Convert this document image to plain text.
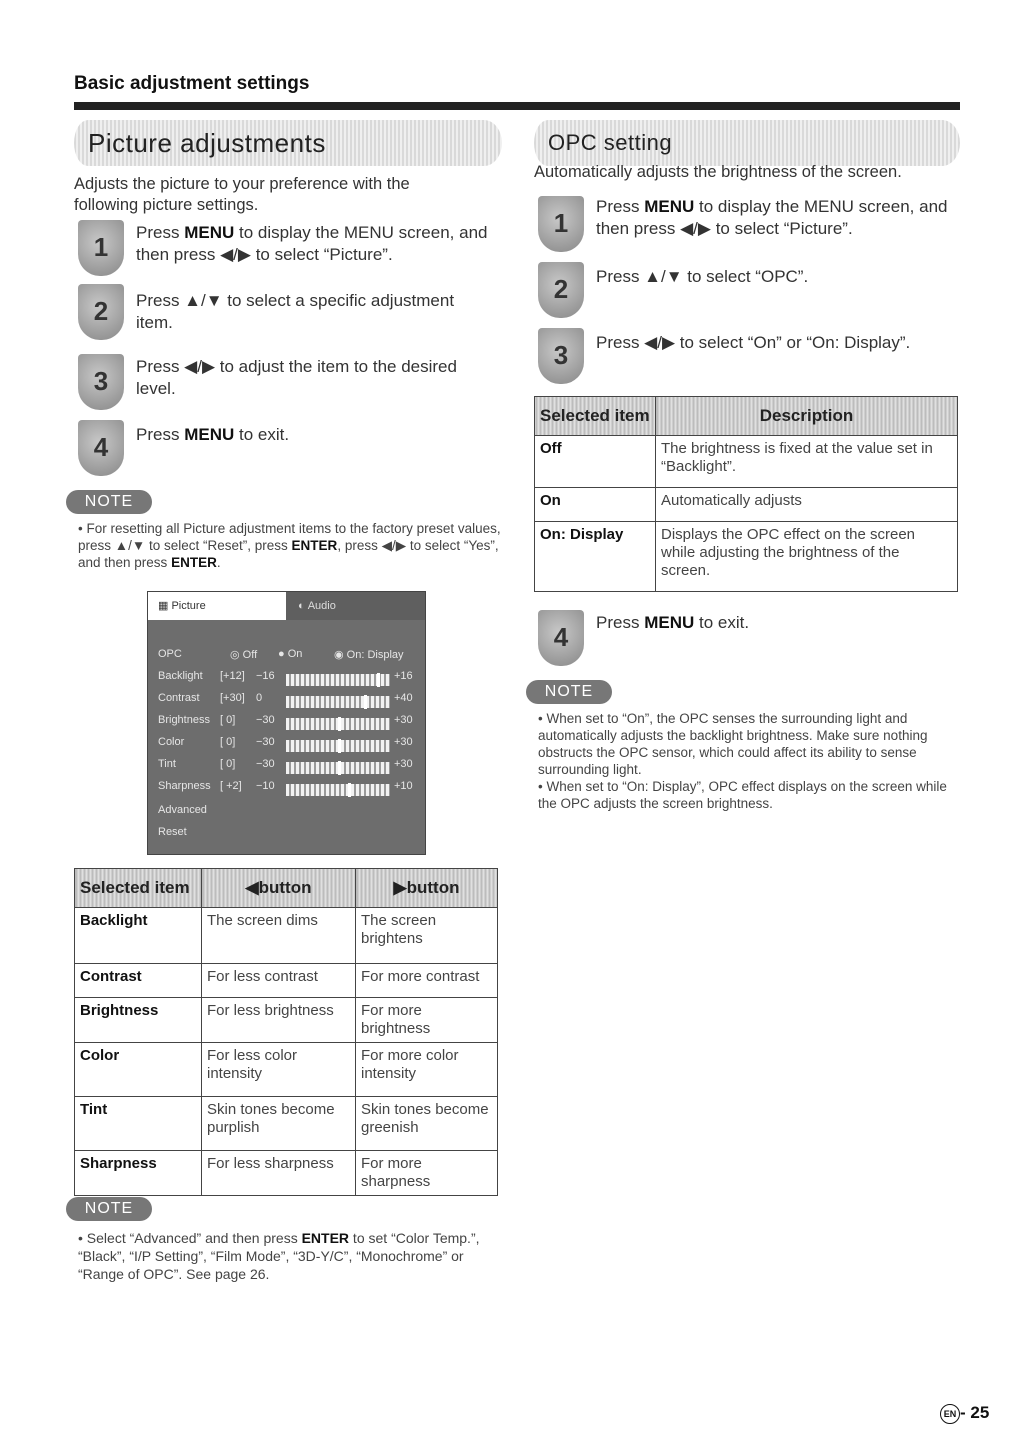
Basic adjustment settings
Picture adjustments
Adjusts the picture to your preference with the following picture settings.
1	Press MENU to display the MENU screen, and then press ◀/▶ to select “Picture”.
2	Press ▲/▼ to select a specific adjustment item.
3	Press ◀/▶ to adjust the item to the desired level.
4	Press MENU to exit.
NOTE
• For resetting all Picture adjustment items to the factory preset values, press ▲/▼ to select “Reset”, press ENTER, press ◀/▶ to select “Yes”, and then press ENTER.
▦ Picture	◐ Audio
OPC	◎ Off ● On	◉ On: Display
Backlight [+12] −16	+16
Contrast [+30] 0	+40
Brightness [ 0] −30	+30
Color	[ 0] −30	+30
Tint	[ 0] −30	+30
Sharpness [ +2] −10	+10
Advanced
Reset
Selected item	◀button	▶button
Backlight	The screen dims	The screen brightens
Contrast	For less contrast	For more contrast
Brightness	For less brightness	For more brightness
Color	For less color intensity	For more color intensity
Tint	Skin tones become purplish	Skin tones become greenish
Sharpness	For less sharpness	For more sharpness
NOTE
• Select “Advanced” and then press ENTER to set “Color Temp.”, “Black”, “I/P Setting”, “Film Mode”, “3D-Y/C”, “Monochrome” or “Range of OPC”. See page 26.
OPC setting
Automatically adjusts the brightness of the screen.
1
Press MENU to display the MENU screen, and then press ◀/▶ to select “Picture”.
2	Press ▲/▼ to select “OPC”.
3	Press ◀/▶ to select “On” or “On: Display”.
Selected item	Description
Off	The brightness is fixed at the value set in “Backlight”.
On	Automatically adjusts
On: Display	Displays the OPC effect on the screen while adjusting the brightness of the screen.
4	Press MENU to exit.
NOTE
• When set to “On”, the OPC senses the surrounding light and automatically adjusts the backlight brightness. Make sure nothing obstructs the OPC sensor, which could affect its ability to sense surrounding light.
• When set to “On: Display”, OPC effect displays on the screen while the OPC adjusts the screen brightness.
EN - 25
